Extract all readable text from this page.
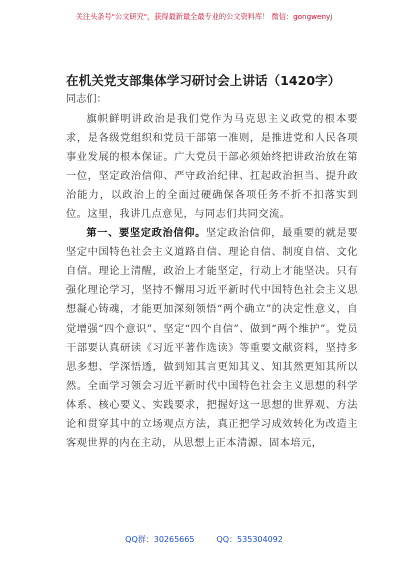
关注头条号"公文研究"，获得最新最全最专业的公文资料库！ 微信：gongwenyj
在机关党支部集体学习研讨会上讲话（1420字）
同志们：

旗帜鲜明讲政治是我们党作为马克思主义政党的根本要求，是各级党组织和党员干部第一准则，是推进党和人民各项事业发展的根本保证。广大党员干部必须始终把讲政治放在第一位，坚定政治信仰、严守政治纪律、扛起政治担当、提升政治能力，以政治上的全面过硬确保各项任务不折不扣落实到位。这里，我讲几点意见，与同志们共同交流。

第一、要坚定政治信仰。坚定政治信仰，最重要的就是要坚定中国特色社会主义道路自信、理论自信、制度自信、文化自信。理论上清醒，政治上才能坚定，行动上才能坚决。只有强化理论学习，坚持不懈用习近平新时代中国特色社会主义思想凝心铸魂，才能更加深刻领悟“两个确立”的决定性意义，自觉增强“四个意识”、坚定“四个自信”、做到“两个维护”。党员干部要认真研读《习近平著作选读》等重要文献资料，坚持多思多想、学深悟透，做到知其言更知其义、知其然更知其所以然。全面学习领会习近平新时代中国特色社会主义思想的科学体系、核心要义、实践要求，把握好这一思想的世界观、方法论和贯穿其中的立场观点方法，真正把学习成效转化为改造主客观世界的内在主动，从思想上正本清源、固本培元，

QQ群：30265665	QQ：535304092
